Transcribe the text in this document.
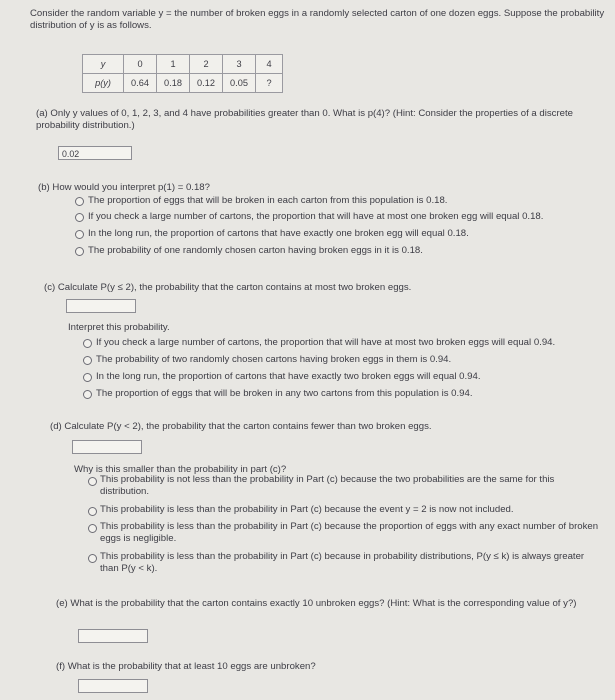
Consider the random variable y = the number of broken eggs in a randomly selected carton of one dozen eggs. Suppose the probability distribution of y is as follows.
y	0	1	2	3	4
p(y)	0.64	0.18	0.12	0.05	?
(a) Only y values of 0, 1, 2, 3, and 4 have probabilities greater than 0. What is p(4)? (Hint: Consider the properties of a discrete probability distribution.)
0.02
(b) How would you interpret p(1) = 0.18?
The proportion of eggs that will be broken in each carton from this population is 0.18.
If you check a large number of cartons, the proportion that will have at most one broken egg will equal 0.18.
In the long run, the proportion of cartons that have exactly one broken egg will equal 0.18.
The probability of one randomly chosen carton having broken eggs in it is 0.18.
(c) Calculate P(y ≤ 2), the probability that the carton contains at most two broken eggs.
Interpret this probability.
If you check a large number of cartons, the proportion that will have at most two broken eggs will equal 0.94.
The probability of two randomly chosen cartons having broken eggs in them is 0.94.
In the long run, the proportion of cartons that have exactly two broken eggs will equal 0.94.
The proportion of eggs that will be broken in any two cartons from this population is 0.94.
(d) Calculate P(y < 2), the probability that the carton contains fewer than two broken eggs.
Why is this smaller than the probability in part (c)?
This probability is not less than the probability in Part (c) because the two probabilities are the same for this distribution.
This probability is less than the probability in Part (c) because the event y = 2 is now not included.
This probability is less than the probability in Part (c) because the proportion of eggs with any exact number of broken eggs is negligible.
This probability is less than the probability in Part (c) because in probability distributions, P(y ≤ k) is always greater than P(y < k).
(e) What is the probability that the carton contains exactly 10 unbroken eggs? (Hint: What is the corresponding value of y?)
(f) What is the probability that at least 10 eggs are unbroken?
